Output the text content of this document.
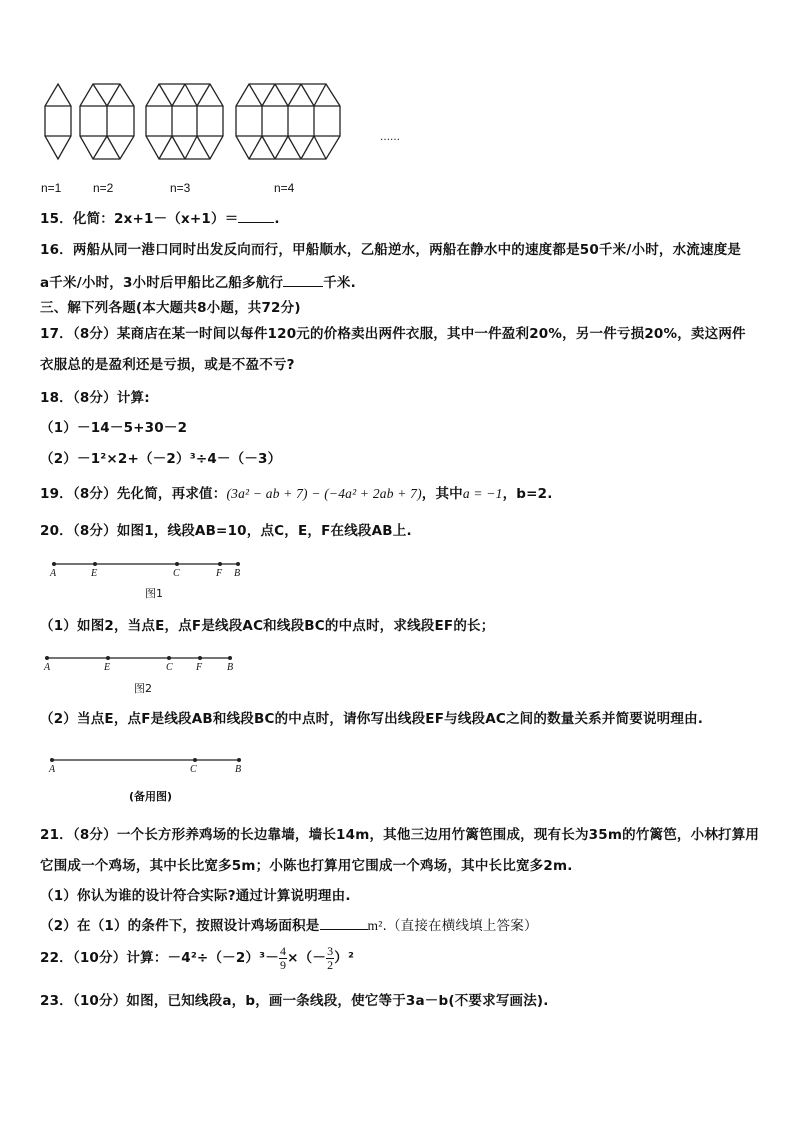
……
n=1	n=2	n=3	n=4
15．化简：2x+1－（x+1）＝	.
16．两船从同一港口同时出发反向而行，甲船顺水，乙船逆水，两船在静水中的速度都是50千米/小时，水流速度是
a千米/小时，3小时后甲船比乙船多航行	千米.
三、解下列各题(本大题共8小题，共72分)
17．（8分）某商店在某一时间以每件120元的价格卖出两件衣服，其中一件盈利20%，另一件亏损20%，卖这两件
衣服总的是盈利还是亏损，或是不盈不亏?
18．（8分）计算:
（1）－14－5+30－2
（2）－1²×2+（－2）³÷4－（－3）
19．（8分）先化简，再求值：(3a² − ab + 7) − (−4a² + 2ab + 7)，其中a = −1，b=2.
20．（8分）如图1，线段AB=10，点C，E，F在线段AB上.
A	E	C	F B
图1
（1）如图2，当点E，点F是线段AC和线段BC的中点时，求线段EF的长；
A	E	C F B
图2
（2）当点E，点F是线段AB和线段BC的中点时，请你写出线段EF与线段AC之间的数量关系并简要说明理由.
A	C	B
(备用图)
21．（8分）一个长方形养鸡场的长边靠墙，墙长14m，其他三边用竹篱笆围成，现有长为35m的竹篱笆，小林打算用
它围成一个鸡场，其中长比宽多5m；小陈也打算用它围成一个鸡场，其中长比宽多2m.
（1）你认为谁的设计符合实际?通过计算说明理由.
（2）在（1）的条件下，按照设计鸡场面积是	m².（直接在横线填上答案）
22．（10分）计算：$-4^2\div(-2)^3- \frac{4}{9}$ ×（－ $\frac{3}{2} )^2$
23．（10分）如图，已知线段a，b，画一条线段，使它等于3a－b(不要求写画法).
